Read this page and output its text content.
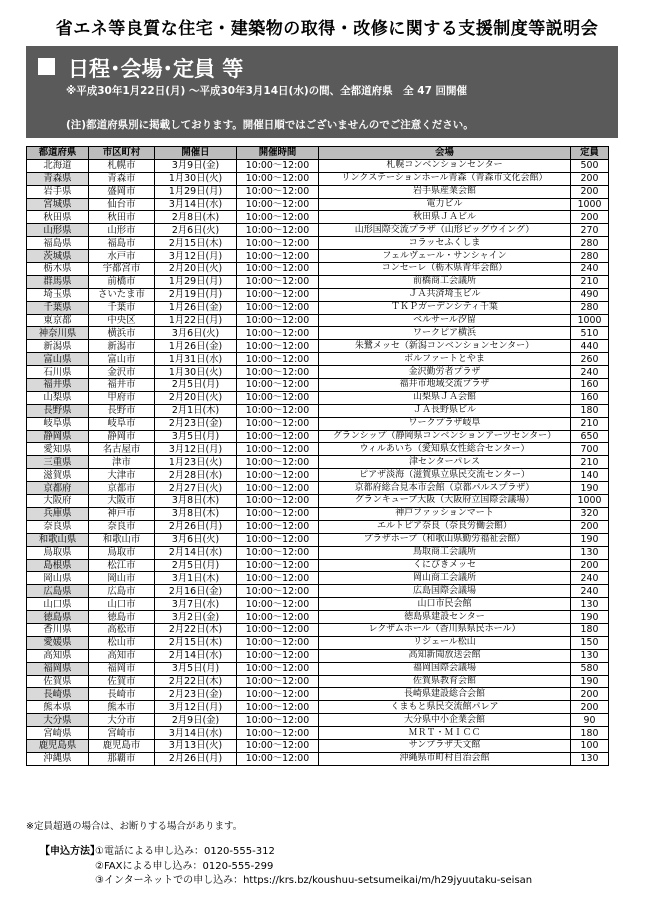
省エネ等良質な住宅・建築物の取得・改修に関する支援制度等説明会
日程･会場･定員 等
※平成30年1月22日(月) ～平成30年3月14日(水)の間、全都道府県　全 47 回開催
(注)都道府県別に掲載しております。開催日順ではございませんのでご注意ください。
都道府県	市区町村	開催日	開催時間	会場	定員
北海道	札幌市	3月9日(金)	10:00～12:00	札幌コンベンションセンター	500
青森県	青森市	1月30日(火)	10:00～12:00	リンクステーションホール青森（青森市文化会館）	200
岩手県	盛岡市	1月29日(月)	10:00～12:00	岩手県産業会館	200
宮城県	仙台市	3月14日(水)	10:00～12:00	電力ビル	1000
秋田県	秋田市	2月8日(木)	10:00～12:00	秋田県ＪＡビル	200
山形県	山形市	2月6日(火)	10:00～12:00	山形国際交流プラザ（山形ビッグウイング）	270
福島県	福島市	2月15日(木)	10:00～12:00	コラッセふくしま	280
茨城県	水戸市	3月12日(月)	10:00～12:00	フェルヴェール・サンシャイン	280
栃木県	宇都宮市	2月20日(火)	10:00～12:00	コンセーレ（栃木県青年会館）	240
群馬県	前橋市	1月29日(月)	10:00～12:00	前橋商工会議所	210
埼玉県	さいたま市	2月19日(月)	10:00～12:00	ＪＡ共済埼玉ビル	490
千葉県	千葉市	1月26日(金)	10:00～12:00	ＴＫＰガーデンシティ千葉	280
東京都	中央区	1月22日(月)	10:00～12:00	ベルサール汐留	1000
神奈川県	横浜市	3月6日(火)	10:00～12:00	ワークピア横浜	510
新潟県	新潟市	1月26日(金)	10:00～12:00	朱鷺メッセ（新潟コンベンションセンター）	440
富山県	富山市	1月31日(水)	10:00～12:00	ボルファートとやま	260
石川県	金沢市	1月30日(火)	10:00～12:00	金沢勤労者プラザ	240
福井県	福井市	2月5日(月)	10:00～12:00	福井市地域交流プラザ	160
山梨県	甲府市	2月20日(火)	10:00～12:00	山梨県ＪＡ会館	160
長野県	長野市	2月1日(木)	10:00～12:00	ＪＡ長野県ビル	180
岐阜県	岐阜市	2月23日(金)	10:00～12:00	ワークプラザ岐阜	210
静岡県	静岡市	3月5日(月)	10:00～12:00	グランシップ（静岡県コンベンションアーツセンター）	650
愛知県	名古屋市	3月12日(月)	10:00～12:00	ウィルあいち（愛知県女性総合センター）	700
三重県	津市	1月23日(火)	10:00～12:00	津センターパレス	210
滋賀県	大津市	2月28日(水)	10:00～12:00	ピアザ淡海（滋賀県立県民交流センター）	140
京都府	京都市	2月27日(火)	10:00～12:00	京都府総合見本市会館（京都パルスプラザ）	190
大阪府	大阪市	3月8日(木)	10:00～12:00	グランキューブ大阪（大阪府立国際会議場）	1000
兵庫県	神戸市	3月8日(木)	10:00～12:00	神戸ファッションマート	320
奈良県	奈良市	2月26日(月)	10:00～12:00	エルトピア奈良（奈良労働会館）	200
和歌山県	和歌山市	3月6日(火)	10:00～12:00	プラザホープ（和歌山県勤労福祉会館）	190
鳥取県	鳥取市	2月14日(水)	10:00～12:00	鳥取商工会議所	130
島根県	松江市	2月5日(月)	10:00～12:00	くにびきメッセ	200
岡山県	岡山市	3月1日(木)	10:00～12:00	岡山商工会議所	240
広島県	広島市	2月16日(金)	10:00～12:00	広島国際会議場	240
山口県	山口市	3月7日(水)	10:00～12:00	山口市民会館	130
徳島県	徳島市	3月2日(金)	10:00～12:00	徳島県建設センター	190
香川県	高松市	2月22日(木)	10:00～12:00	レクザムホール（香川県県民ホール）	180
愛媛県	松山市	2月15日(木)	10:00～12:00	リジェール松山	150
高知県	高知市	2月14日(水)	10:00～12:00	高知新聞放送会館	130
福岡県	福岡市	3月5日(月)	10:00～12:00	福岡国際会議場	580
佐賀県	佐賀市	2月22日(木)	10:00～12:00	佐賀県教育会館	190
長崎県	長崎市	2月23日(金)	10:00～12:00	長崎県建設総合会館	200
熊本県	熊本市	3月12日(月)	10:00～12:00	くまもと県民交流館パレア	200
大分県	大分市	2月9日(金)	10:00～12:00	大分県中小企業会館	90
宮崎県	宮崎市	3月14日(水)	10:00～12:00	ＭＲＴ・ＭＩＣＣ	180
鹿児島県	鹿児島市	3月13日(火)	10:00～12:00	サンプラザ天文館	100
沖縄県	那覇市	2月26日(月)	10:00～12:00	沖縄県市町村自治会館	130
※定員超過の場合は、お断りする場合があります。
【申込方法】①電話による申し込み：0120-555-312
②FAXによる申し込み：0120-555-299
③インターネットでの申し込み：https://krs.bz/koushuu-setsumeikai/m/h29jyuutaku-seisan
